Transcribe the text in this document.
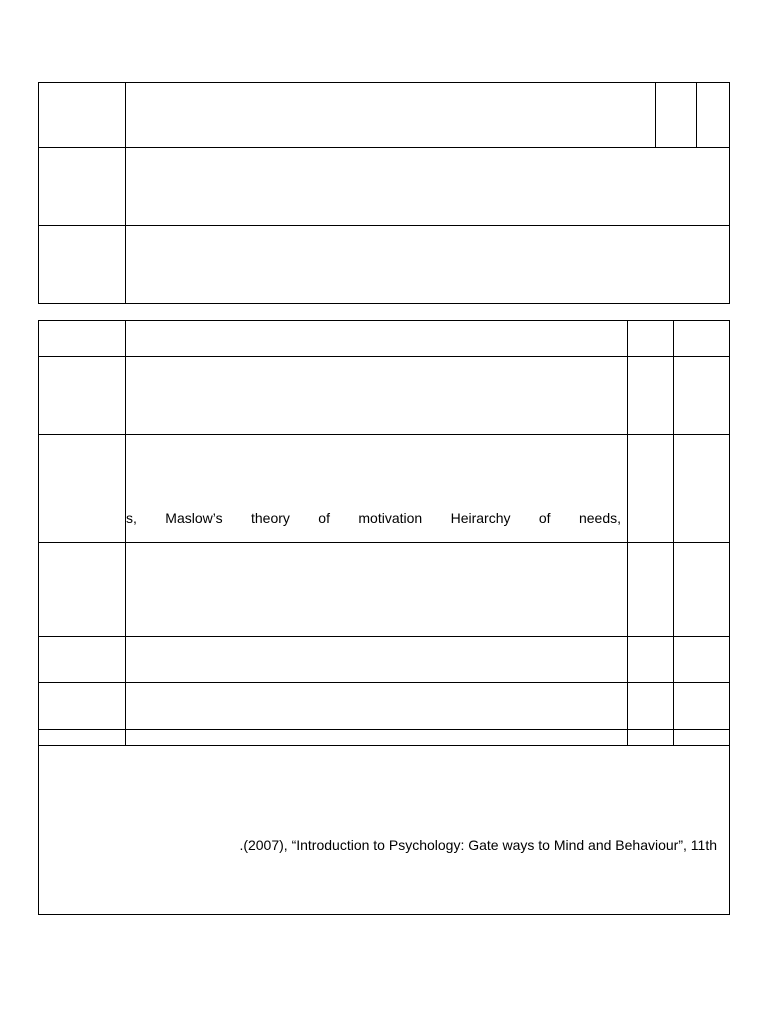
s, Maslow’s theory of motivation Heirarchy of needs,
.(2007), “Introduction to Psychology: Gate ways to Mind and Behaviour”, 11th
